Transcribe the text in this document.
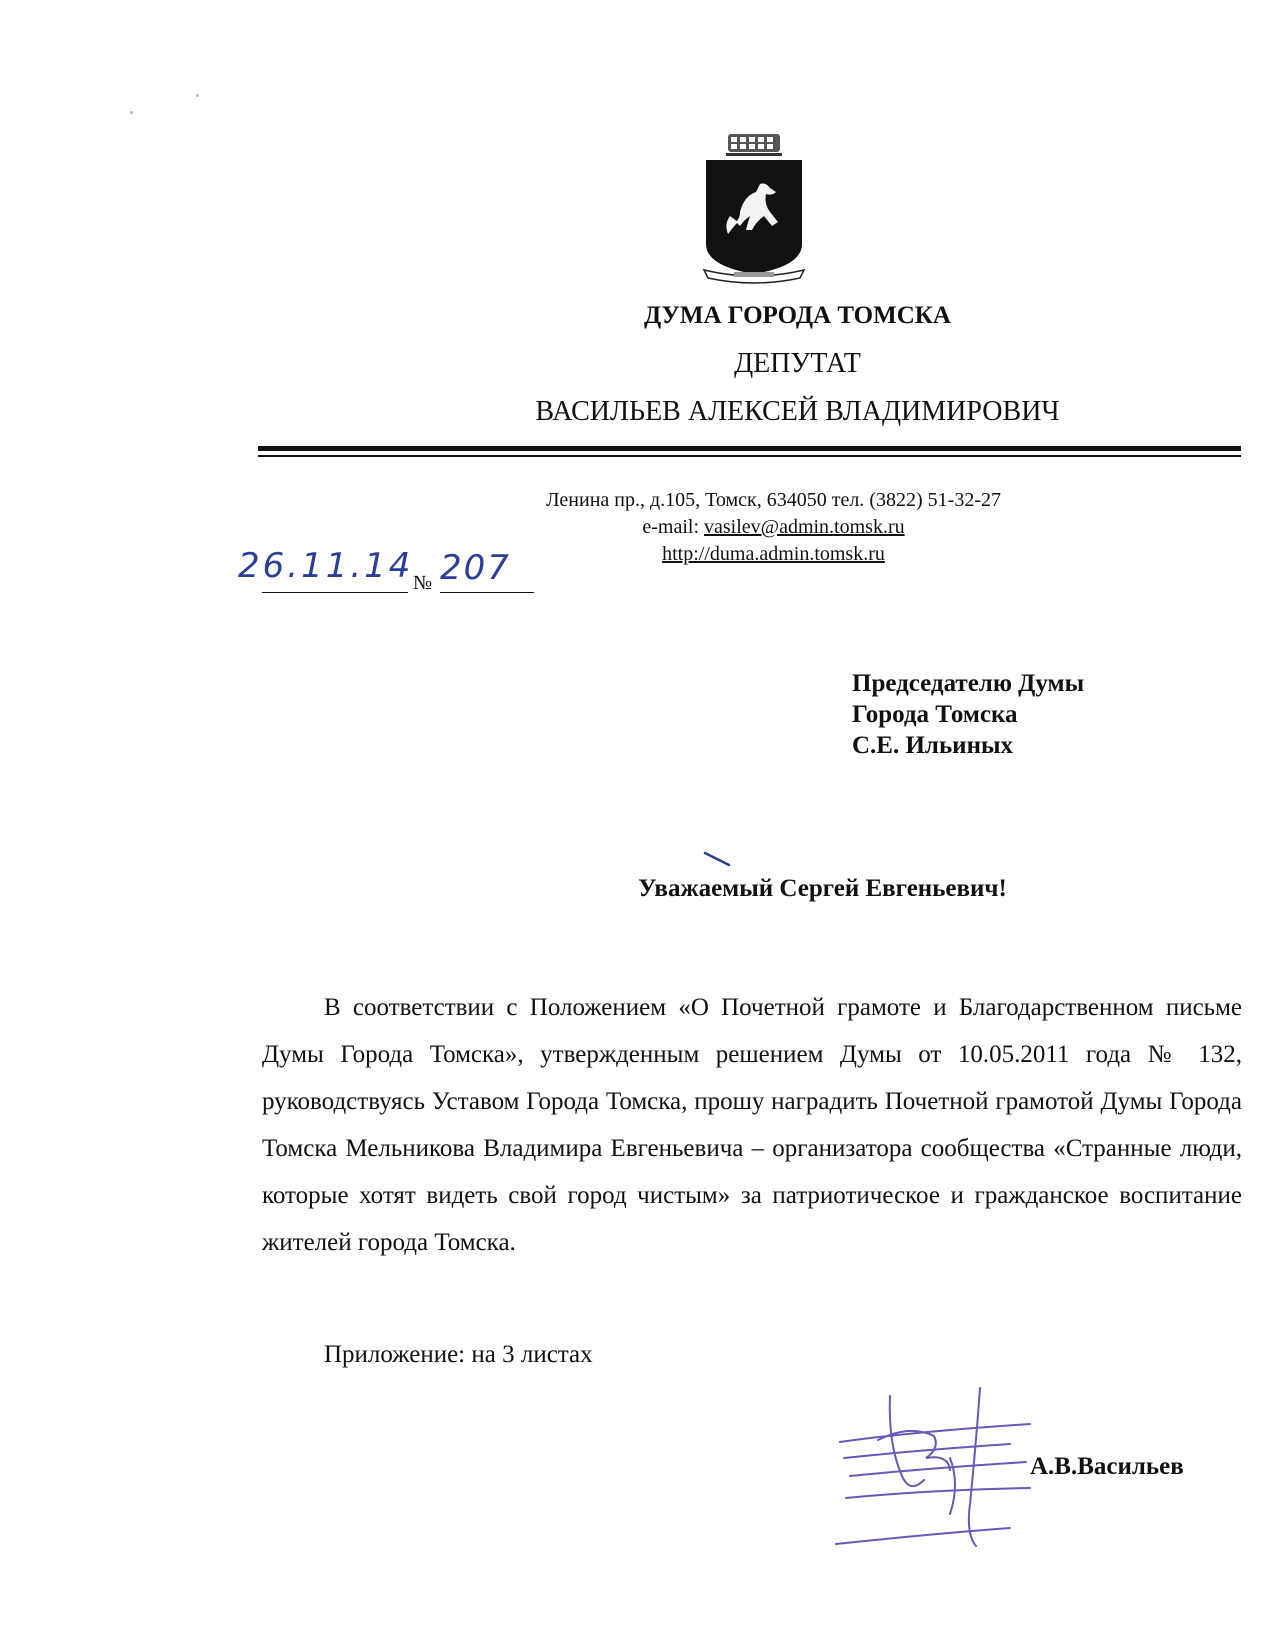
ДУМА ГОРОДА ТОМСКА
ДЕПУТАТ
ВАСИЛЬЕВ АЛЕКСЕЙ ВЛАДИМИРОВИЧ
Ленина пр., д.105, Томск, 634050 тел. (3822) 51-32-27
e-mail: vasilev@admin.tomsk.ru
http://duma.admin.tomsk.ru
26.11.14 № 207
Председателю Думы
Города Томска
С.Е. Ильиных
Уважаемый Сергей Евгеньевич!
В соответствии с Положением «О Почетной грамоте и Благодарственном письме Думы Города Томска», утвержденным решением Думы от 10.05.2011 года № 132, руководствуясь Уставом Города Томска, прошу наградить Почетной грамотой Думы Города Томска Мельникова Владимира Евгеньевича – организатора сообщества «Странные люди, которые хотят видеть свой город чистым» за патриотическое и гражданское воспитание жителей города Томска.
Приложение: на 3 листах
А.В.Васильев
